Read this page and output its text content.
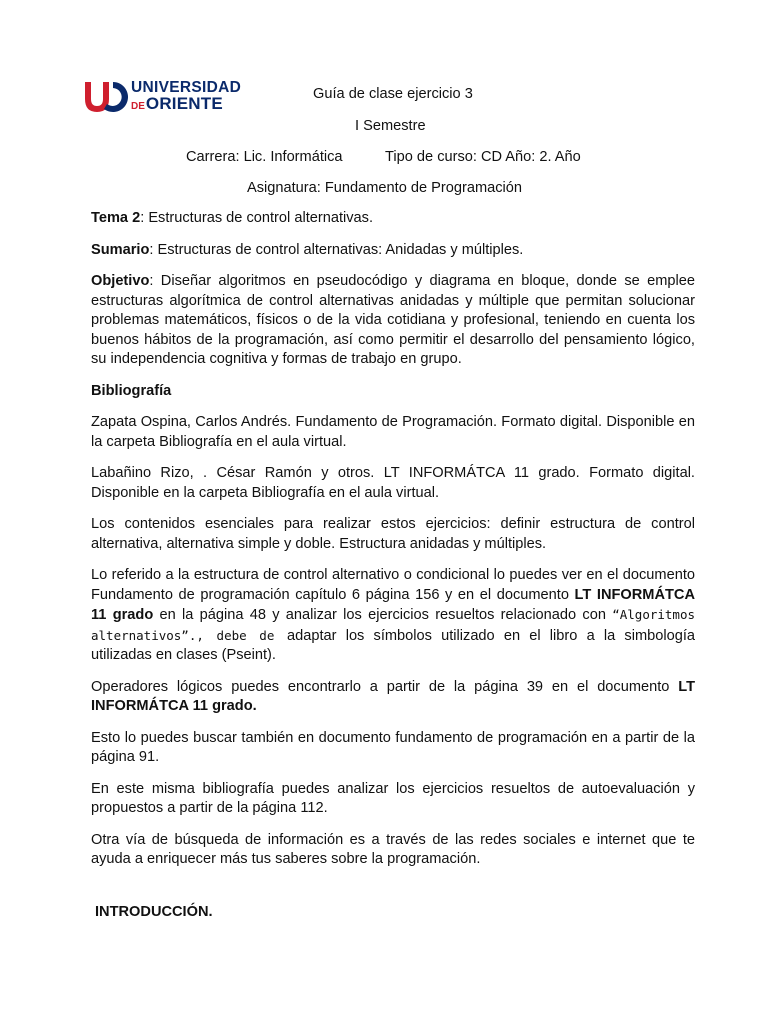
UNIVERSIDAD
DEORIENTE	Guía de clase ejercicio 3
I Semestre
Carrera: Lic. Informática	Tipo de curso: CD Año: 2. Año
Asignatura: Fundamento de Programación

Tema 2: Estructuras de control alternativas.

Sumario: Estructuras de control alternativas: Anidadas y múltiples.

Objetivo: Diseñar algoritmos en pseudocódigo y diagrama en bloque, donde se emplee estructuras algorítmica de control alternativas anidadas y múltiple que permitan solucionar problemas matemáticos, físicos o de la vida cotidiana y profesional, teniendo en cuenta los buenos hábitos de la programación, así como permitir el desarrollo del pensamiento lógico, su independencia cognitiva y formas de trabajo en grupo.

Bibliografía

Zapata Ospina, Carlos Andrés. Fundamento de Programación. Formato digital. Disponible en la carpeta Bibliografía en el aula virtual.

Labañino Rizo, . César Ramón y otros. LT INFORMÁTCA 11 grado. Formato digital. Disponible en la carpeta Bibliografía en el aula virtual.

Los contenidos esenciales para realizar estos ejercicios: definir estructura de control alternativa, alternativa simple y doble. Estructura anidadas y múltiples.

Lo referido a la estructura de control alternativo o condicional lo puedes ver en el documento Fundamento de programación capítulo 6 página 156 y en el documento LT INFORMÁTCA 11 grado en la página 48 y analizar los ejercicios resueltos relacionado con “Algoritmos alternativos”., debe de adaptar los símbolos utilizado en el libro a la simbología utilizadas en clases (Pseint).

Operadores lógicos puedes encontrarlo a partir de la página 39 en el documento LT INFORMÁTCA 11 grado.

Esto lo puedes buscar también en documento fundamento de programación en a partir de la página 91.

En este misma bibliografía puedes analizar los ejercicios resueltos de autoevaluación y propuestos a partir de la página 112.

Otra vía de búsqueda de información es a través de las redes sociales e internet que te ayuda a enriquecer más tus saberes sobre la programación.

INTRODUCCIÓN.
